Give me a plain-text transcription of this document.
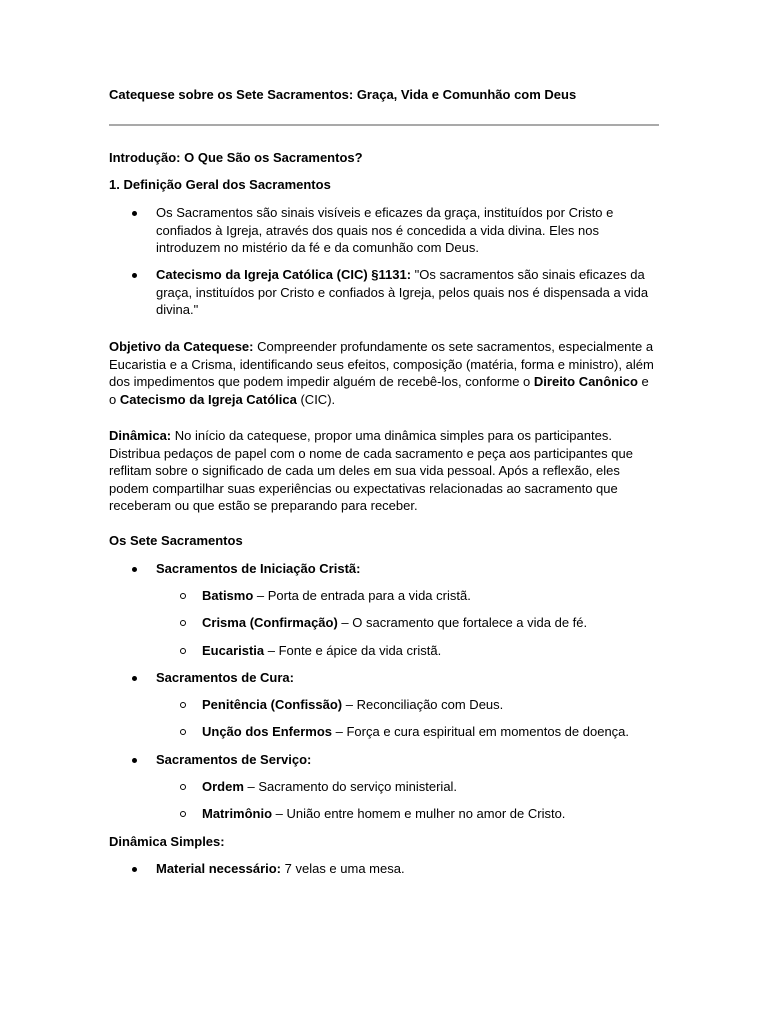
Catequese sobre os Sete Sacramentos: Graça, Vida e Comunhão com Deus
Introdução: O Que São os Sacramentos?
1. Definição Geral dos Sacramentos
Os Sacramentos são sinais visíveis e eficazes da graça, instituídos por Cristo e confiados à Igreja, através dos quais nos é concedida a vida divina. Eles nos introduzem no mistério da fé e da comunhão com Deus.
Catecismo da Igreja Católica (CIC) §1131: "Os sacramentos são sinais eficazes da graça, instituídos por Cristo e confiados à Igreja, pelos quais nos é dispensada a vida divina."
Objetivo da Catequese: Compreender profundamente os sete sacramentos, especialmente a Eucaristia e a Crisma, identificando seus efeitos, composição (matéria, forma e ministro), além dos impedimentos que podem impedir alguém de recebê-los, conforme o Direito Canônico e o Catecismo da Igreja Católica (CIC).
Dinâmica: No início da catequese, propor uma dinâmica simples para os participantes. Distribua pedaços de papel com o nome de cada sacramento e peça aos participantes que reflitam sobre o significado de cada um deles em sua vida pessoal. Após a reflexão, eles podem compartilhar suas experiências ou expectativas relacionadas ao sacramento que receberam ou que estão se preparando para receber.
Os Sete Sacramentos
Sacramentos de Iniciação Cristã:
Batismo – Porta de entrada para a vida cristã.
Crisma (Confirmação) – O sacramento que fortalece a vida de fé.
Eucaristia – Fonte e ápice da vida cristã.
Sacramentos de Cura:
Penitência (Confissão) – Reconciliação com Deus.
Unção dos Enfermos – Força e cura espiritual em momentos de doença.
Sacramentos de Serviço:
Ordem – Sacramento do serviço ministerial.
Matrimônio – União entre homem e mulher no amor de Cristo.
Dinâmica Simples:
Material necessário: 7 velas e uma mesa.
